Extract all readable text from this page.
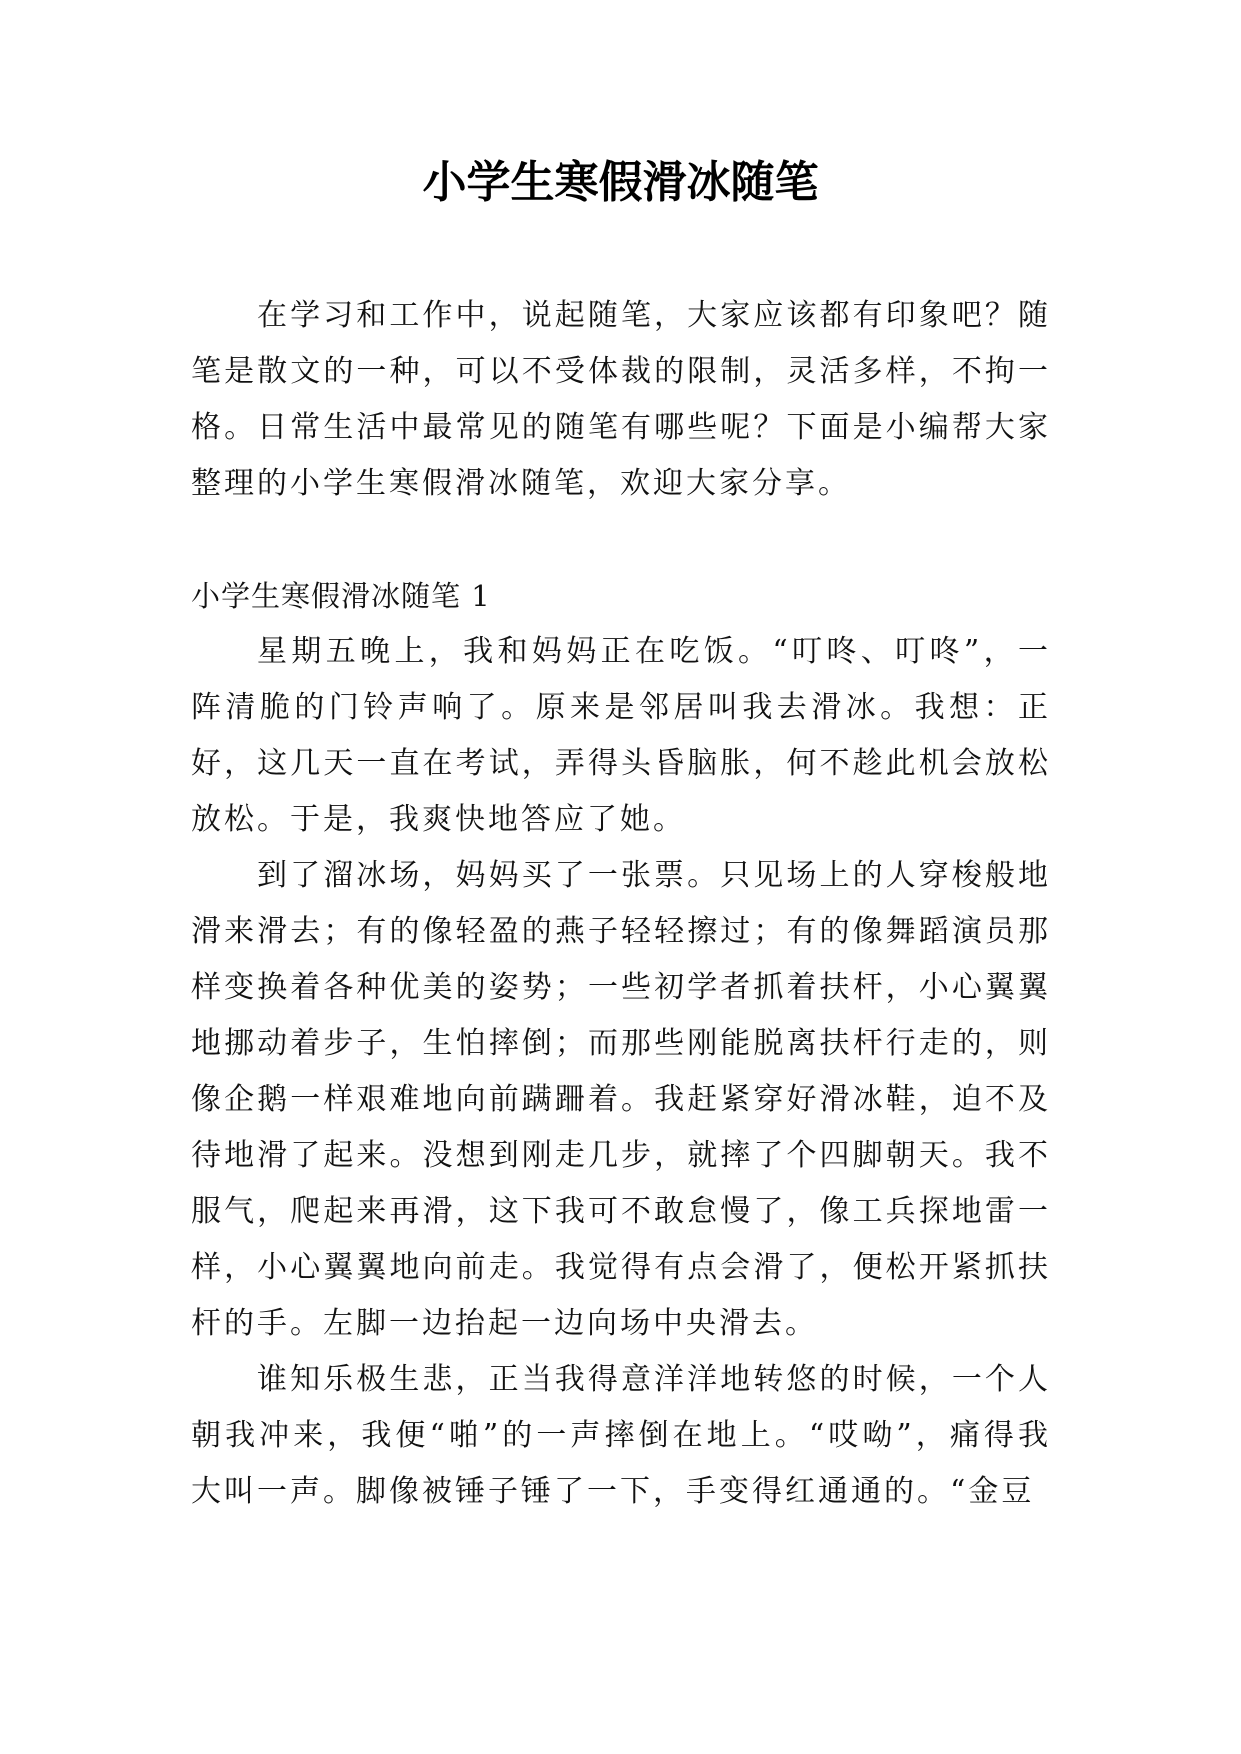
小学生寒假滑冰随笔

在学习和工作中，说起随笔，大家应该都有印象吧？随笔是散文的一种，可以不受体裁的限制，灵活多样，不拘一格。日常生活中最常见的随笔有哪些呢？下面是小编帮大家整理的小学生寒假滑冰随笔，欢迎大家分享。

小学生寒假滑冰随笔 1

星期五晚上，我和妈妈正在吃饭。“叮咚、叮咚”，一阵清脆的门铃声响了。原来是邻居叫我去滑冰。我想：正好，这几天一直在考试，弄得头昏脑胀，何不趁此机会放松放松。于是，我爽快地答应了她。

到了溜冰场，妈妈买了一张票。只见场上的人穿梭般地滑来滑去；有的像轻盈的燕子轻轻擦过；有的像舞蹈演员那样变换着各种优美的姿势；一些初学者抓着扶杆，小心翼翼地挪动着步子，生怕摔倒；而那些刚能脱离扶杆行走的，则像企鹅一样艰难地向前蹒跚着。我赶紧穿好滑冰鞋，迫不及待地滑了起来。没想到刚走几步，就摔了个四脚朝天。我不服气，爬起来再滑，这下我可不敢怠慢了，像工兵探地雷一样，小心翼翼地向前走。我觉得有点会滑了，便松开紧抓扶杆的手。左脚一边抬起一边向场中央滑去。

谁知乐极生悲，正当我得意洋洋地转悠的时候，一个人朝我冲来，我便“啪”的一声摔倒在地上。“哎呦”，痛得我大叫一声。脚像被锤子锤了一下，手变得红通通的。“金豆
